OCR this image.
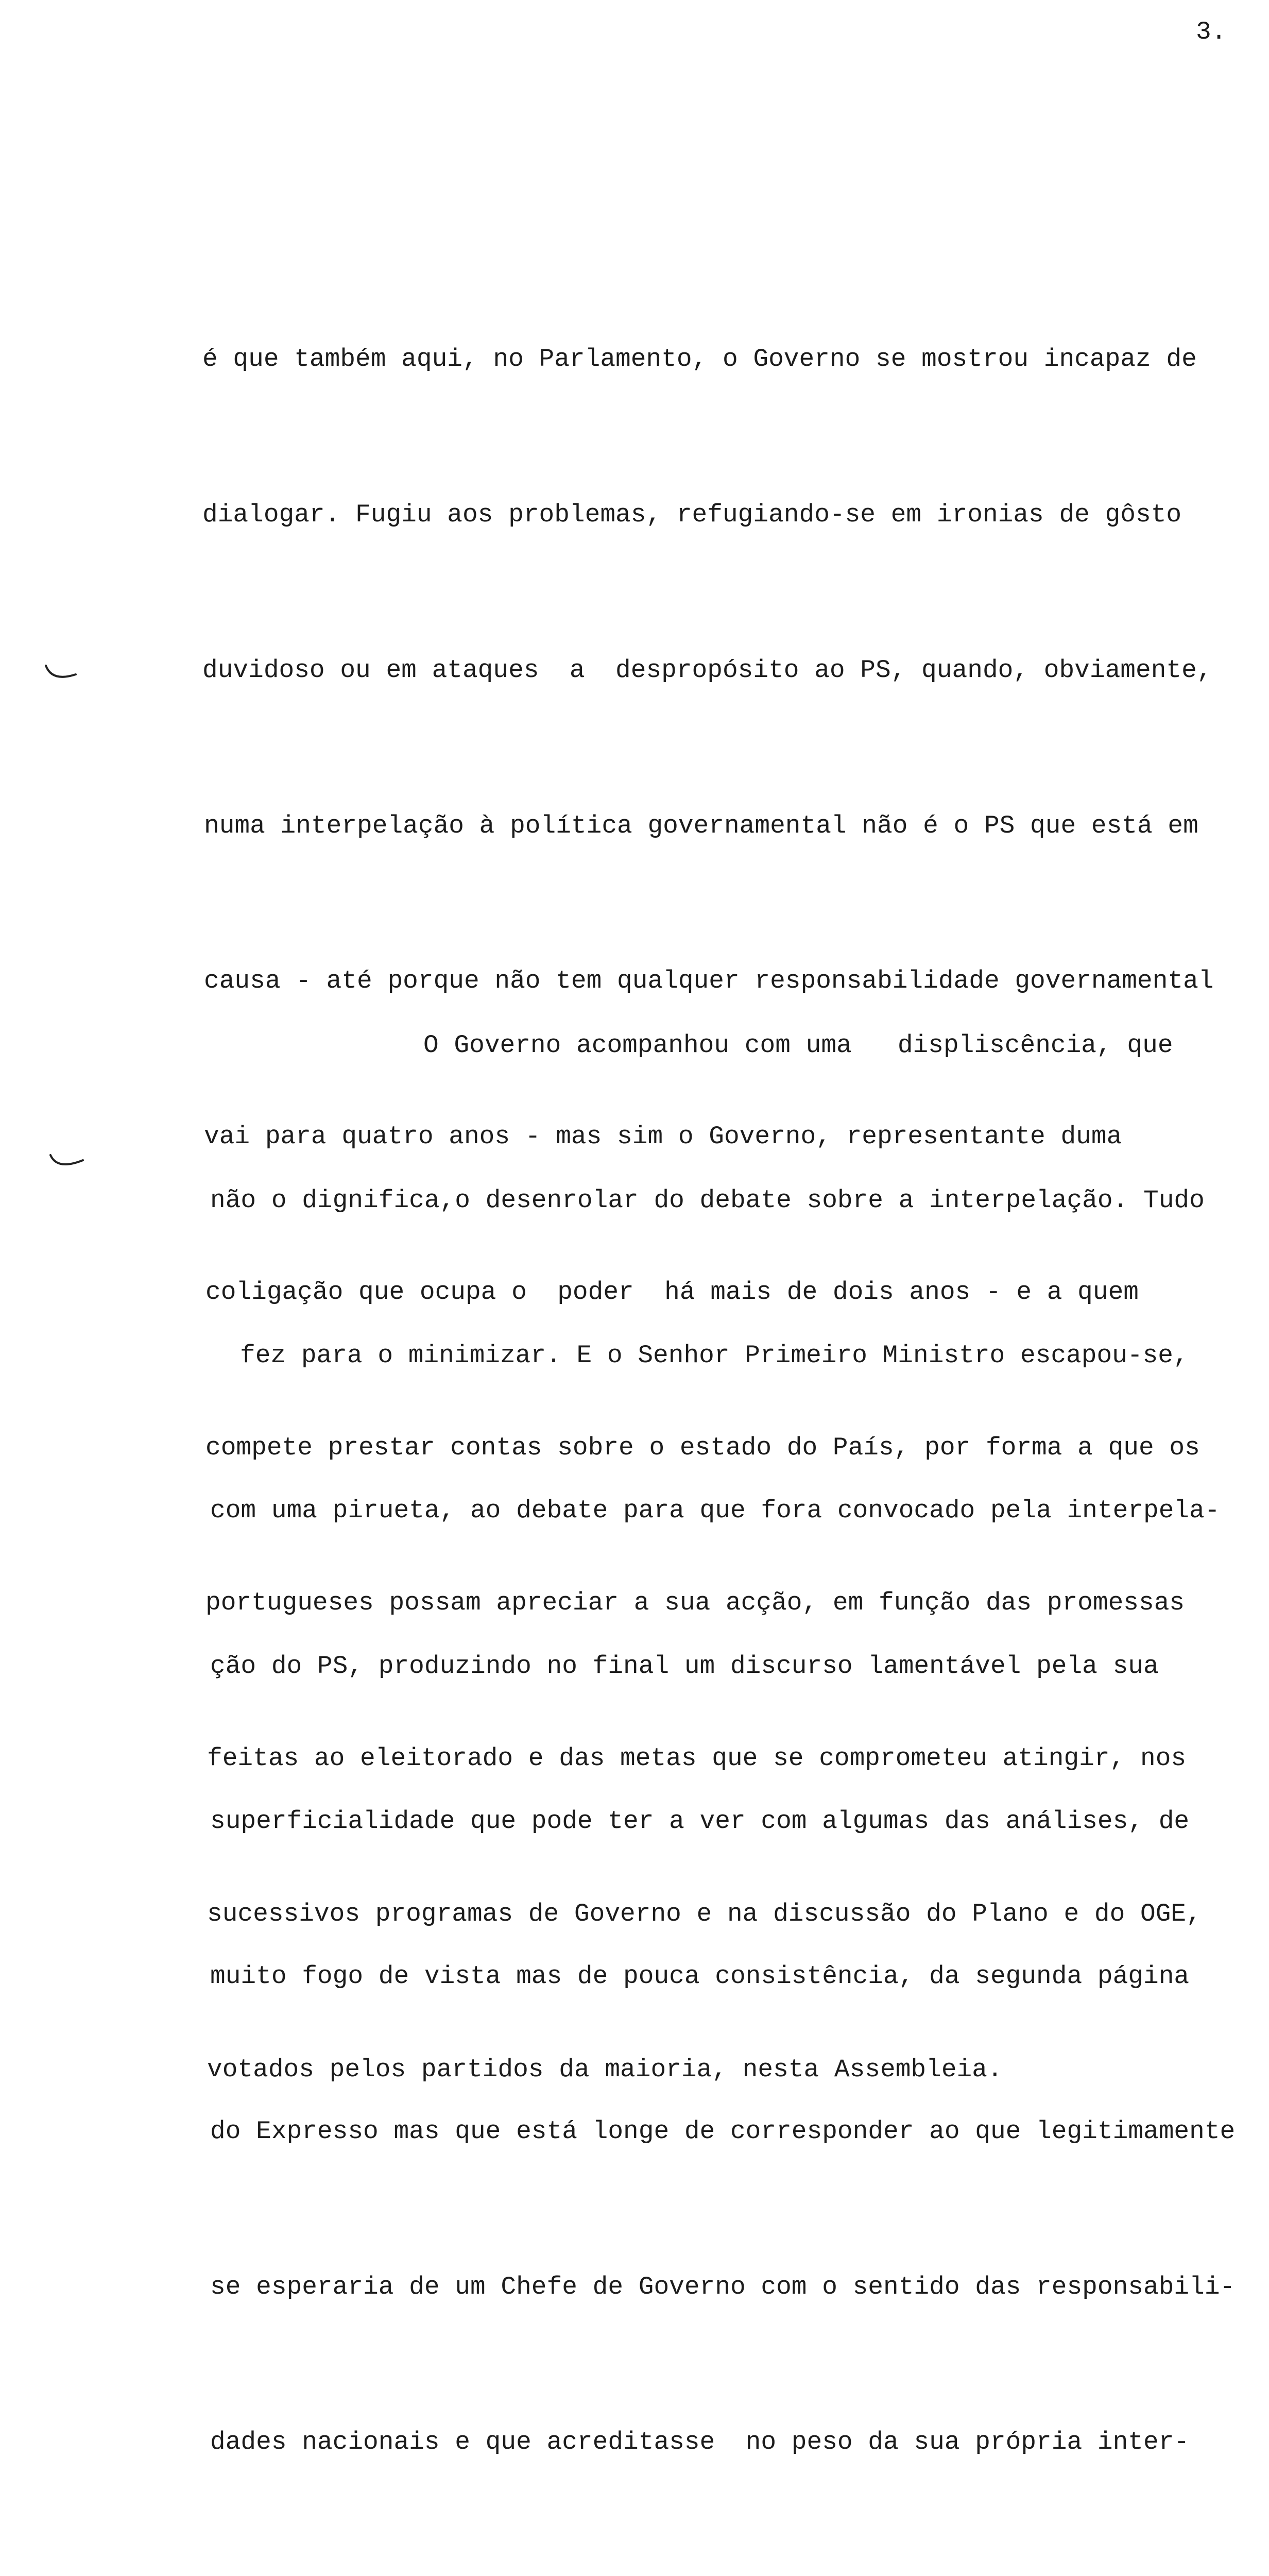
3.

é que também aqui, no Parlamento, o Governo se mostrou incapaz de

dialogar. Fugiu aos problemas, refugiando-se em ironias de gôsto

duvidoso ou em ataques  a  despropósito ao PS, quando, obviamente,

numa interpelação à política governamental não é o PS que está em

causa - até porque não tem qualquer responsabilidade governamental

vai para quatro anos - mas sim o Governo, representante duma

coligação que ocupa o  poder  há mais de dois anos - e a quem

compete prestar contas sobre o estado do País, por forma a que os

portugueses possam apreciar a sua acção, em função das promessas

feitas ao eleitorado e das metas que se comprometeu atingir, nos

sucessivos programas de Governo e na discussão do Plano e do OGE,

votados pelos partidos da maioria, nesta Assembleia.

O Governo acompanhou com uma   displiscência, que

não o dignifica,o desenrolar do debate sobre a interpelação. Tudo

fez para o minimizar. E o Senhor Primeiro Ministro escapou-se,

com uma pirueta, ao debate para que fora convocado pela interpela-

ção do PS, produzindo no final um discurso lamentável pela sua

superficialidade que pode ter a ver com algumas das análises, de

muito fogo de vista mas de pouca consistência, da segunda página

do Expresso mas que está longe de corresponder ao que legitimamente

se esperaria de um Chefe de Governo com o sentido das responsabili-

dades nacionais e que acreditasse  no peso da sua própria inter-
